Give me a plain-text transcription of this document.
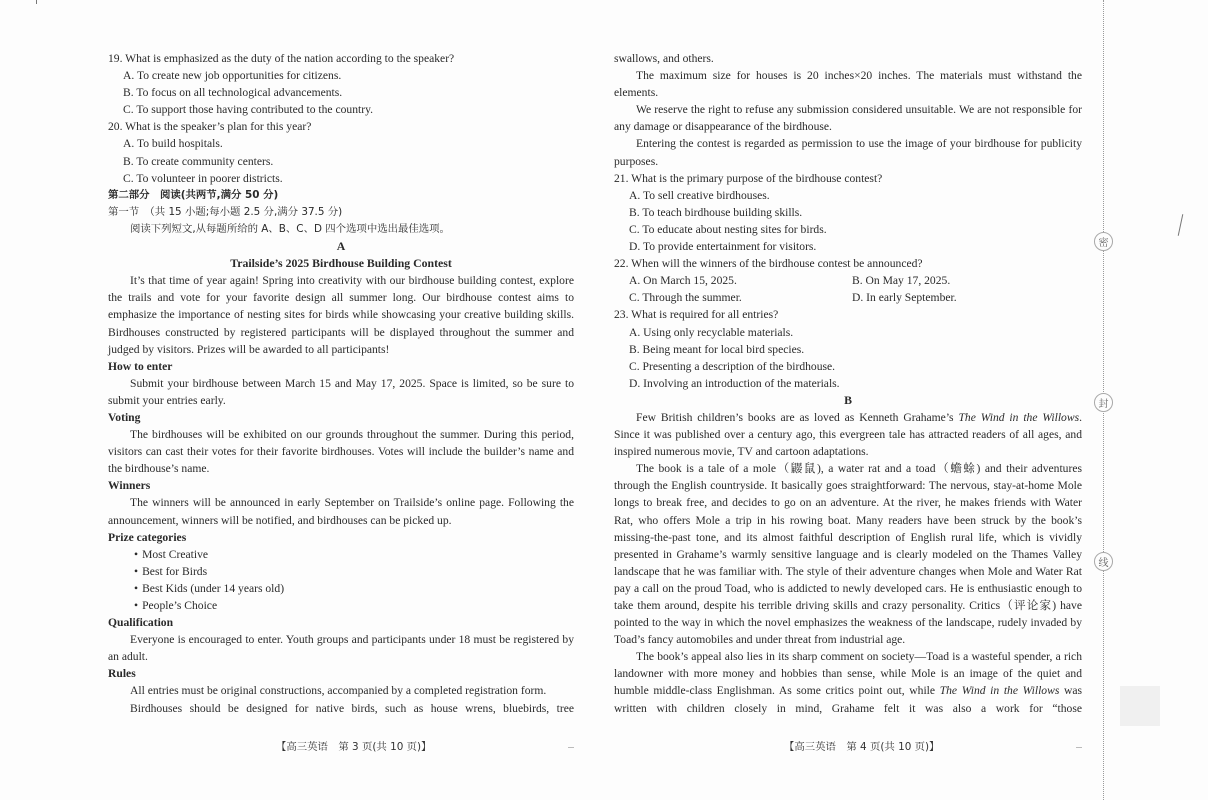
19. What is emphasized as the duty of the nation according to the speaker?
A. To create new job opportunities for citizens.
B. To focus on all technological advancements.
C. To support those having contributed to the country.
20. What is the speaker’s plan for this year?
A. To build hospitals.
B. To create community centers.
C. To volunteer in poorer districts.
第二部分　阅读(共两节,满分 50 分)
第一节　（共 15 小题;每小题 2.5 分,满分 37.5 分)
阅读下列短文,从每题所给的 A、B、C、D 四个选项中选出最佳选项。
A
Trailside’s 2025 Birdhouse Building Contest

It’s that time of year again! Spring into creativity with our birdhouse building contest, explore the trails and vote for your favorite design all summer long. Our birdhouse contest aims to emphasize the importance of nesting sites for birds while showcasing your creative building skills. Birdhouses constructed by registered participants will be displayed throughout the summer and judged by visitors. Prizes will be awarded to all participants!

How to enter

Submit your birdhouse between March 15 and May 17, 2025. Space is limited, so be sure to submit your entries early.

Voting

The birdhouses will be exhibited on our grounds throughout the summer. During this period, visitors can cast their votes for their favorite birdhouses. Votes will include the builder’s name and the birdhouse’s name.

Winners

The winners will be announced in early September on Trailside’s online page. Following the announcement, winners will be notified, and birdhouses can be picked up.

Prize categories
• Most Creative
• Best for Birds
• Best Kids (under 14 years old)
• People’s Choice
Qualification

Everyone is encouraged to enter. Youth groups and participants under 18 must be registered by an adult.

Rules

All entries must be original constructions, accompanied by a completed registration form.

Birdhouses should be designed for native birds, such as house wrens, bluebirds, tree

【高三英语　第 3 页(共 10 页)】

swallows, and others.

The maximum size for houses is 20 inches×20 inches. The materials must withstand the elements.

We reserve the right to refuse any submission considered unsuitable. We are not responsible for any damage or disappearance of the birdhouse.

Entering the contest is regarded as permission to use the image of your birdhouse for publicity purposes.

21. What is the primary purpose of the birdhouse contest?
A. To sell creative birdhouses.
B. To teach birdhouse building skills.
C. To educate about nesting sites for birds.
D. To provide entertainment for visitors.
22. When will the winners of the birdhouse contest be announced?
A. On March 15, 2025.	B. On May 17, 2025.
C. Through the summer.	D. In early September.
23. What is required for all entries?
A. Using only recyclable materials.
B. Being meant for local bird species.
C. Presenting a description of the birdhouse.
D. Involving an introduction of the materials.
B

Few British children’s books are as loved as Kenneth Grahame’s The Wind in the Willows. Since it was published over a century ago, this evergreen tale has attracted readers of all ages, and inspired numerous movie, TV and cartoon adaptations.

The book is a tale of a mole（鼹鼠), a water rat and a toad（蟾蜍) and their adventures through the English countryside. It basically goes straightforward: The nervous, stay-at-home Mole longs to break free, and decides to go on an adventure. At the river, he makes friends with Water Rat, who offers Mole a trip in his rowing boat. Many readers have been struck by the book’s missing-the-past tone, and its almost faithful description of English rural life, which is vividly presented in Grahame’s warmly sensitive language and is clearly modeled on the Thames Valley landscape that he was familiar with. The style of their adventure changes when Mole and Water Rat pay a call on the proud Toad, who is addicted to newly developed cars. He is enthusiastic enough to take them around, despite his terrible driving skills and crazy personality. Critics（评论家) have pointed to the way in which the novel emphasizes the weakness of the landscape, rudely invaded by Toad’s fancy automobiles and under threat from industrial age.

The book’s appeal also lies in its sharp comment on society—Toad is a wasteful spender, a rich landowner with more money and hobbies than sense, while Mole is an image of the quiet and humble middle-class Englishman. As some critics point out, while The Wind in the Willows was written with children closely in mind, Grahame felt it was also a work for “those

【高三英语　第 4 页(共 10 页)】
密
封
线
